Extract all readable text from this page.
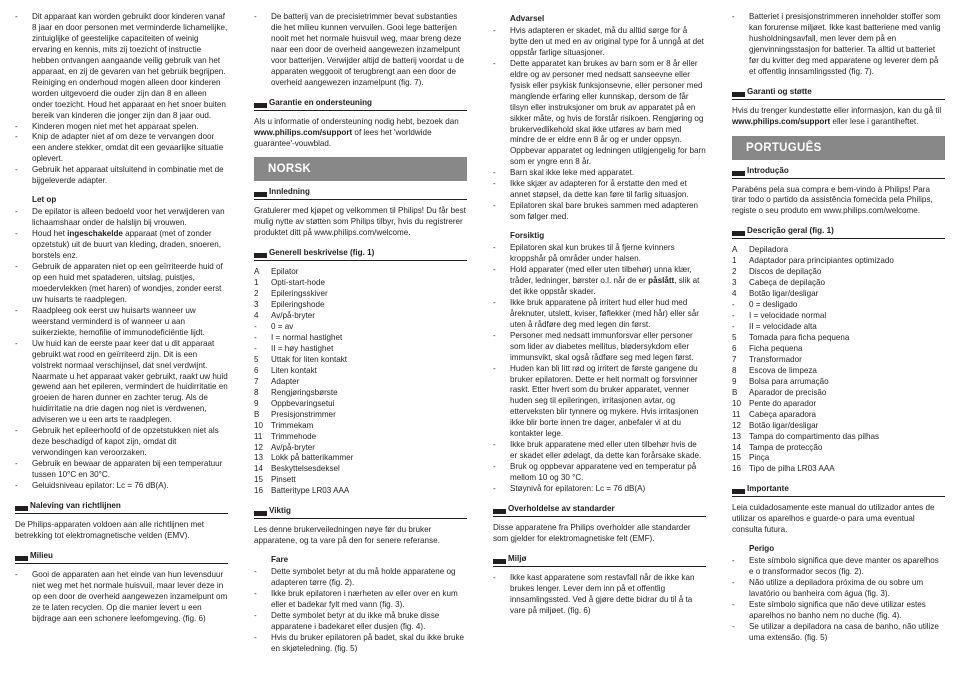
- Dit apparaat kan worden gebruikt door kinderen vanaf 8 jaar en door personen met verminderde lichamelijke, zintuiglijke of geestelijke capaciteiten of weinig ervaring en kennis, mits zij toezicht of instructie hebben ontvangen aangaande veilig gebruik van het apparaat, en zij de gevaren van het gebruik begrijpen. Reiniging en onderhoud mogen alleen door kinderen worden uitgevoerd die ouder zijn dan 8 en alleen onder toezicht. Houd het apparaat en het snoer buiten bereik van kinderen die jonger zijn dan 8 jaar oud.
- Kinderen mogen niet met het apparaat spelen.
- Knip de adapter niet af om deze te vervangen door een andere stekker, omdat dit een gevaarlijke situatie oplevert.
- Gebruik het apparaat uitsluitend in combinatie met de bijgeleverde adapter.
Let op
- De epilator is alleen bedoeld voor het verwijderen van lichaamshaar onder de halslijn bij vrouwen.
- Houd het ingeschakelde apparaat (met of zonder opzetstuk) uit de buurt van kleding, draden, snoeren, borstels enz.
- Gebruik de apparaten niet op een geïrriteerde huid of op een huid met spataderen, uitslag, puistjes, moedervlekken (met haren) of wondjes, zonder eerst uw huisarts te raadplegen.
- Raadpleeg ook eerst uw huisarts wanneer uw weerstand verminderd is of wanneer u aan suikerziekte, hemofilie of immunodeficiëntie lijdt.
- Uw huid kan de eerste paar keer dat u dit apparaat gebruikt wat rood en geïrriteerd zijn. Dit is een volstrekt normaal verschijnsel, dat snel verdwijnt. Naarmate u het apparaat vaker gebruikt, raakt uw huid gewend aan het epileren, vermindert de huidirritatie en groeien de haren dunner en zachter terug. Als de huidirritatie na drie dagen nog niet is verdwenen, adviseren we u een arts te raadplegen.
- Gebruik het epileerhoofd of de opzetstukken niet als deze beschadigd of kapot zijn, omdat dit verwondingen kan veroorzaken.
- Gebruik en bewaar de apparaten bij een temperatuur tussen 10°C en 30°C.
- Geluidsniveau epilator: Lc = 76 dB(A).
Naleving van richtlijnen

De Philips-apparaten voldoen aan alle richtlijnen met betrekking tot elektromagnetische velden (EMV).

Milieu
- Gooi de apparaten aan het einde van hun levensduur niet weg met het normale huisvuil, maar lever deze in op een door de overheid aangewezen inzamelpunt om ze te laten recyclen. Op die manier levert u een bijdrage aan een schonere leefomgeving. (fig. 6)
- De batterij van de precisietrimmer bevat substanties die het milieu kunnen vervuilen. Gooi lege batterijen nooit met het normale huisvuil weg, maar breng deze naar een door de overheid aangewezen inzamelpunt voor batterijen. Verwijder altijd de batterij voordat u de apparaten weggooit of terugbrengt aan een door de overheid aangewezen inzamelpunt (fig. 7).
Garantie en ondersteuning

Als u informatie of ondersteuning nodig hebt, bezoek dan www.philips.com/support of lees het 'worldwide guarantee'-vouwblad.

NORSK
Innledning

Gratulerer med kjøpet og velkommen til Philips! Du får best mulig nytte av støtten som Philips tilbyr, hvis du registrerer produktet ditt på www.philips.com/welcome.

Generell beskrivelse (fig. 1)
A	Epilator
1	Opti-start-hode
2	Epileringsskiver
3	Epileringshode
4	Av/på-bryter
-	0 = av
-	I = normal hastighet
-	II = høy hastighet
5	Uttak for liten kontakt
6	Liten kontakt
7	Adapter
8	Rengjøringsbørste
9	Oppbevaringsetui
B	Presisjonstrimmer
10 Trimmekam
11	Trimmehode
12 Av/på-bryter
13 Lokk på batterikammer
14 Beskyttelsesdeksel
15 Pinsett
16 Batteritype LR03 AAA
Viktig

Les denne brukerveiledningen nøye før du bruker apparatene, og ta vare på den for senere referanse.

Fare
- Dette symbolet betyr at du må holde apparatene og adapteren tørre (fig. 2).
- Ikke bruk epilatoren i nærheten av eller over en kum eller et badekar fylt med vann (fig. 3).
- Dette symbolet betyr at du ikke må bruke disse apparatene i badekaret eller dusjen (fig. 4).
- Hvis du bruker epilatoren på badet, skal du ikke bruke en skjøteledning. (fig. 5)
Advarsel
- Hvis adapteren er skadet, må du alltid sørge for å bytte den ut med en av original type for å unngå at det oppstår farlige situasjoner.
- Dette apparatet kan brukes av barn som er 8 år eller eldre og av personer med nedsatt sanseevne eller fysisk eller psykisk funksjonsevne, eller personer med manglende erfaring eller kunnskap, dersom de får tilsyn eller instruksjoner om bruk av apparatet på en sikker måte, og hvis de forstår risikoen. Rengjøring og brukervedlikehold skal ikke utføres av barn med mindre de er eldre enn 8 år og er under oppsyn. Oppbevar apparatet og ledningen utilgjengelig for barn som er yngre enn 8 år.
- Barn skal ikke leke med apparatet.
- Ikke skjær av adapteren for å erstatte den med et annet støpsel, da dette kan føre til farlig situasjon.
- Epilatoren skal bare brukes sammen med adapteren som følger med.
Forsiktig
- Epilatoren skal kun brukes til å fjerne kvinners kroppshår på områder under halsen.
- Hold apparater (med eller uten tilbehør) unna klær, tråder, ledninger, børster o.l. når de er påslått, slik at det ikke oppstår skader.
- Ikke bruk apparatene på irritert hud eller hud med åreknuter, utslett, kviser, føflekker (med hår) eller sår uten å rådføre deg med legen din først.
- Personer med nedsatt immunforsvar eller personer som lider av diabetes mellitus, blødersykdom eller immunsvikt, skal også rådføre seg med legen først.
- Huden kan bli litt rød og irritert de første gangene du bruker epilatoren. Dette er helt normalt og forsvinner raskt. Etter hvert som du bruker apparatet, venner huden seg til epileringen, irritasjonen avtar, og etterveksten blir tynnere og mykere. Hvis irritasjonen ikke blir borte innen tre dager, anbefaler vi at du kontakter lege.
- Ikke bruk apparatene med eller uten tilbehør hvis de er skadet eller ødelagt, da dette kan forårsake skade.
- Bruk og oppbevar apparatene ved en temperatur på mellom 10 og 30 °C.
- Støynivå for epilatoren: Lc = 76 dB(A)
Overholdelse av standarder

Disse apparatene fra Philips overholder alle standarder som gjelder for elektromagnetiske felt (EMF).

Miljø
- Ikke kast apparatene som restavfall når de ikke kan brukes lenger. Lever dem inn på et offentlig innsamlingssted. Ved å gjøre dette bidrar du til å ta vare på miljøet. (fig. 6)
- Batteriet i presisjonstrimmeren inneholder stoffer som kan forurense miljøet. Ikke kast batteriene med vanlig husholdningsavfall, men lever dem på en gjenvinningsstasjon for batterier. Ta alltid ut batteriet før du kvitter deg med apparatene og leverer dem på et offentlig innsamlingssted (fig. 7).
Garanti og støtte

Hvis du trenger kundestøtte eller informasjon, kan du gå til www.philips.com/support eller lese i garantiheftet.

PORTUGUÊS
Introdução

Parabéns pela sua compra e bem-vindo à Philips! Para tirar todo o partido da assistência fornecida pela Philips, registe o seu produto em www.philips.com/welcome.

Descrição geral (fig. 1)
A	Depiladora
1	Adaptador para principiantes optimizado
2	Discos de depilação
3	Cabeça de depilação
4	Botão ligar/desligar
-	0 = desligado
-	I = velocidade normal
-	II = velocidade alta
5	Tomada para ficha pequena
6	Ficha pequena
7	Transformador
8	Escova de limpeza
9	Bolsa para arrumação
B	Aparador de precisão
10 Pente do aparador
11	Cabeça aparadora
12 Botão ligar/desligar
13 Tampa do compartimento das pilhas
14 Tampa de protecção
15 Pinça
16 Tipo de pilha LR03 AAA
Importante

Leia cuidadosamente este manual do utilizador antes de utilizar os aparelhos e guarde-o para uma eventual consulta futura.

Perigo
- Este símbolo significa que deve manter os aparelhos e o transformador secos (fig. 2).
- Não utilize a depiladora próxima de ou sobre um lavatório ou banheira com água (fig. 3).
- Este símbolo significa que não deve utilizar estes aparelhos no banho nem no duche (fig. 4).
- Se utilizar a depiladora na casa de banho, não utilize uma extensão. (fig. 5)
